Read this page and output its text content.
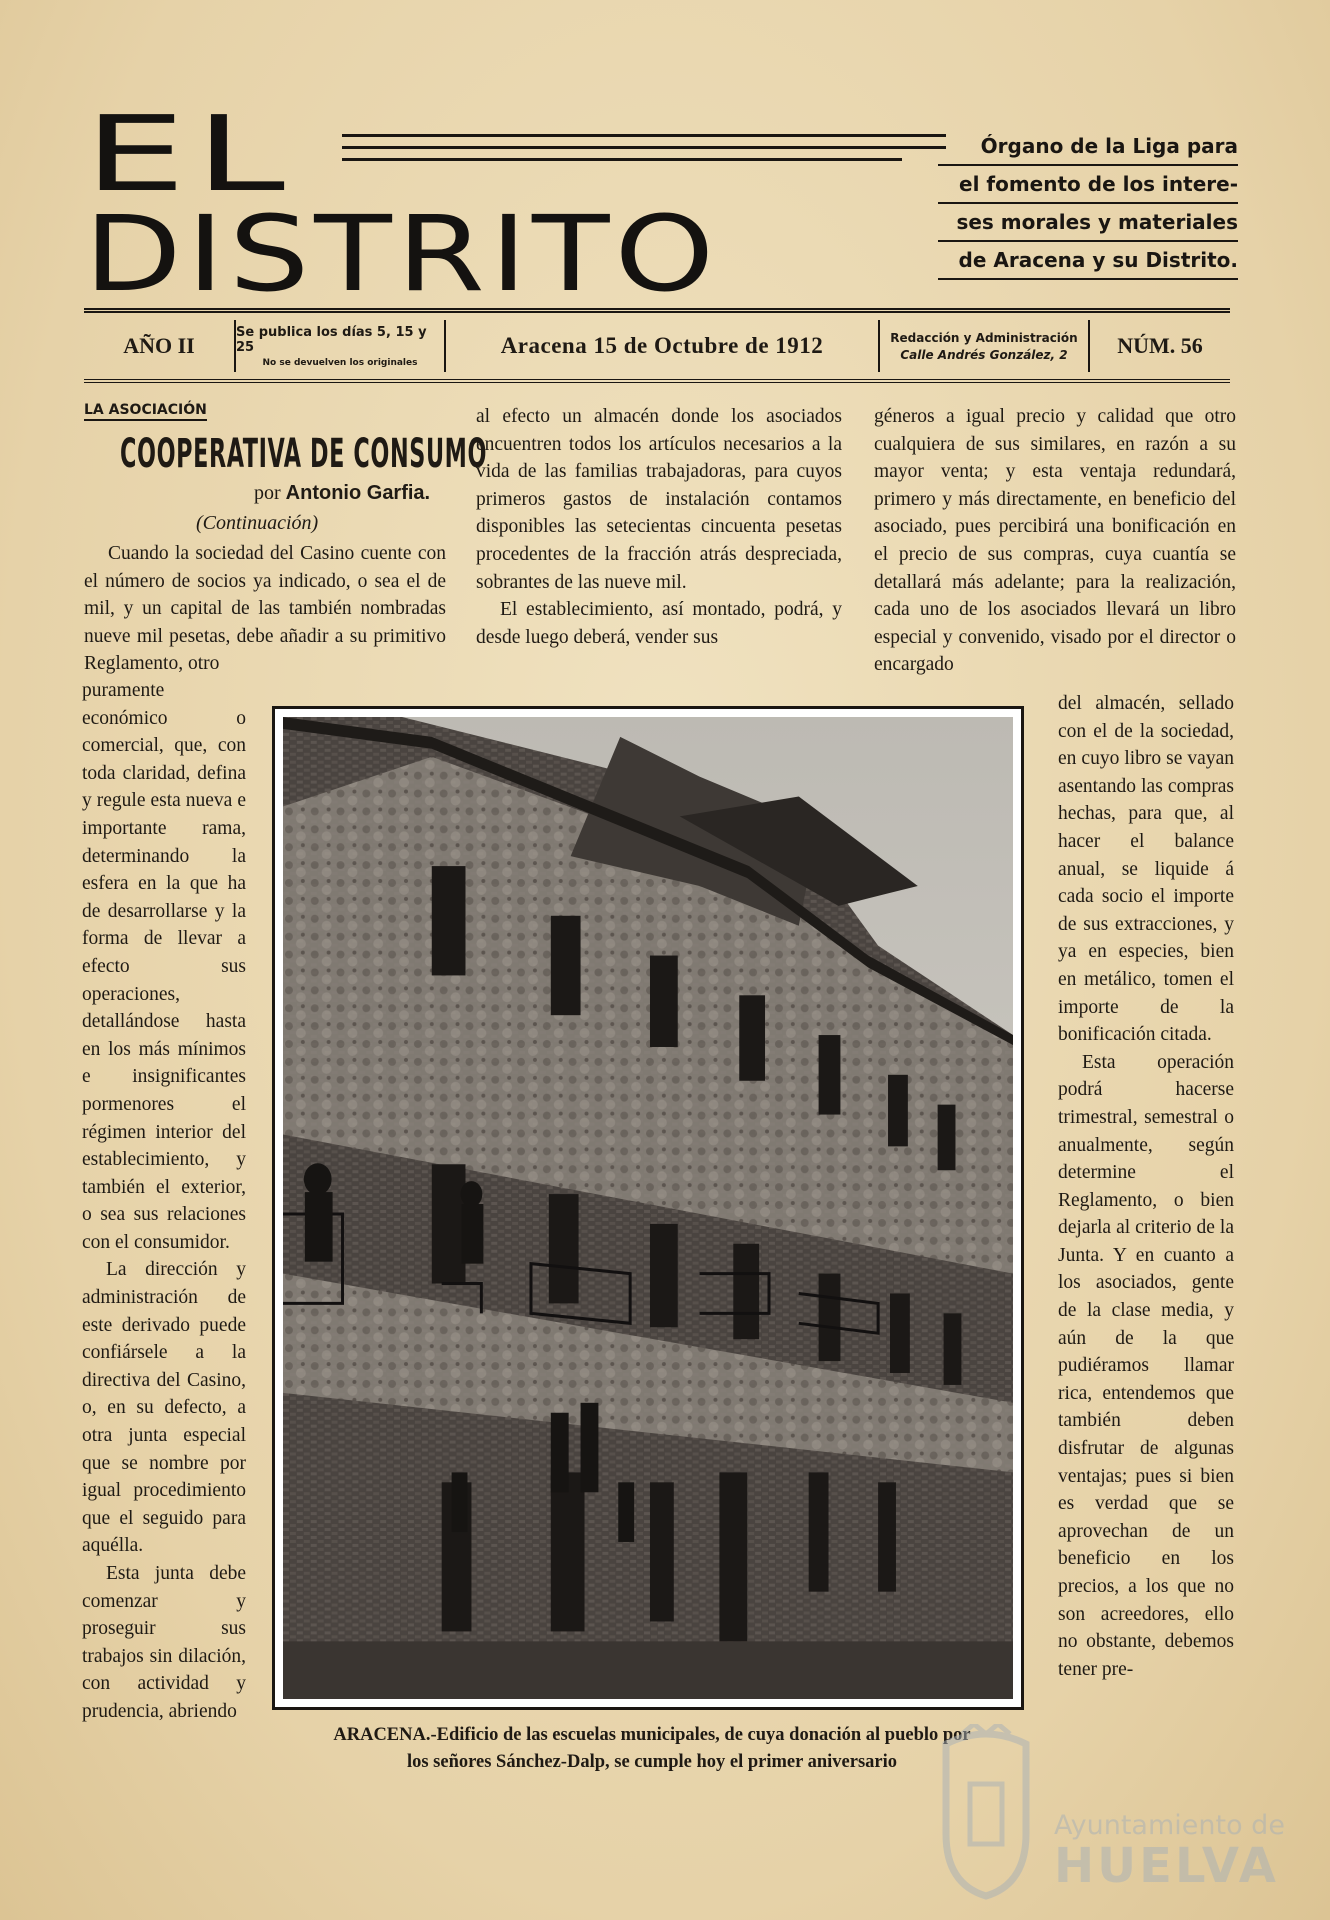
EL
DISTRITO
Órgano de la Liga para
el fomento de los intere-
ses morales y materiales
de Aracena y su Distrito.
AÑO II
Se publica los días 5, 15 y 25
No se devuelven los originales
Aracena 15 de Octubre de 1912	Redacción y Administración
Calle Andrés González, 2	NÚM. 56
LA ASOCIACIÓN
COOPERATIVA DE CONSUMO
por Antonio Garfia.
(Continuación)

Cuando la sociedad del Casino cuente con el número de socios ya indicado, o sea el de mil, y un capital de las también nombradas nueve mil pesetas, debe añadir a su primitivo Reglamento, otro

puramente económico o comercial, que, con toda claridad, defina y regule esta nueva e importante rama, determinando la esfera en la que ha de desarrollarse y la forma de llevar a efecto sus operaciones, detallándose hasta en los más mínimos e insignificantes pormenores el régimen interior del establecimiento, y también el exterior, o sea sus relaciones con el consumidor.

La dirección y administración de este derivado puede confiársele a la directiva del Casino, o, en su defecto, a otra junta especial que se nombre por igual procedimiento que el seguido para aquélla.

Esta junta debe comenzar y proseguir sus trabajos sin dilación, con actividad y prudencia, abriendo

al efecto un almacén donde los asociados encuentren todos los artículos necesarios a la vida de las familias trabajadoras, para cuyos primeros gastos de instalación contamos disponibles las setecientas cincuenta pesetas procedentes de la fracción atrás despreciada, sobrantes de las nueve mil.

El establecimiento, así montado, podrá, y desde luego deberá, vender sus

géneros a igual precio y calidad que otro cualquiera de sus similares, en razón a su mayor venta; y esta ventaja redundará, primero y más directamente, en beneficio del asociado, pues percibirá una bonificación en el precio de sus compras, cuya cuantía se detallará más adelante; para la realización, cada uno de los asociados llevará un libro especial y convenido, visado por el director o encargado

del almacén, sellado con el de la sociedad, en cuyo libro se vayan asentando las compras hechas, para que, al hacer el balance anual, se liquide á cada socio el importe de sus extracciones, y ya en especies, bien en metálico, tomen el importe de la bonificación citada.

Esta operación podrá hacerse trimestral, semestral o anualmente, según determine el Reglamento, o bien dejarla al criterio de la Junta. Y en cuanto a los asociados, gente de la clase media, y aún de la que pudiéramos llamar rica, entendemos que también deben disfrutar de algunas ventajas; pues si bien es verdad que se aprovechan de un beneficio en los precios, a los que no son acreedores, ello no obstante, debemos tener pre-

ARACENA.-Edificio de las escuelas municipales, de cuya donación al pueblo por
los señores Sánchez-Dalp, se cumple hoy el primer aniversario
Ayuntamiento de
HUELVA
